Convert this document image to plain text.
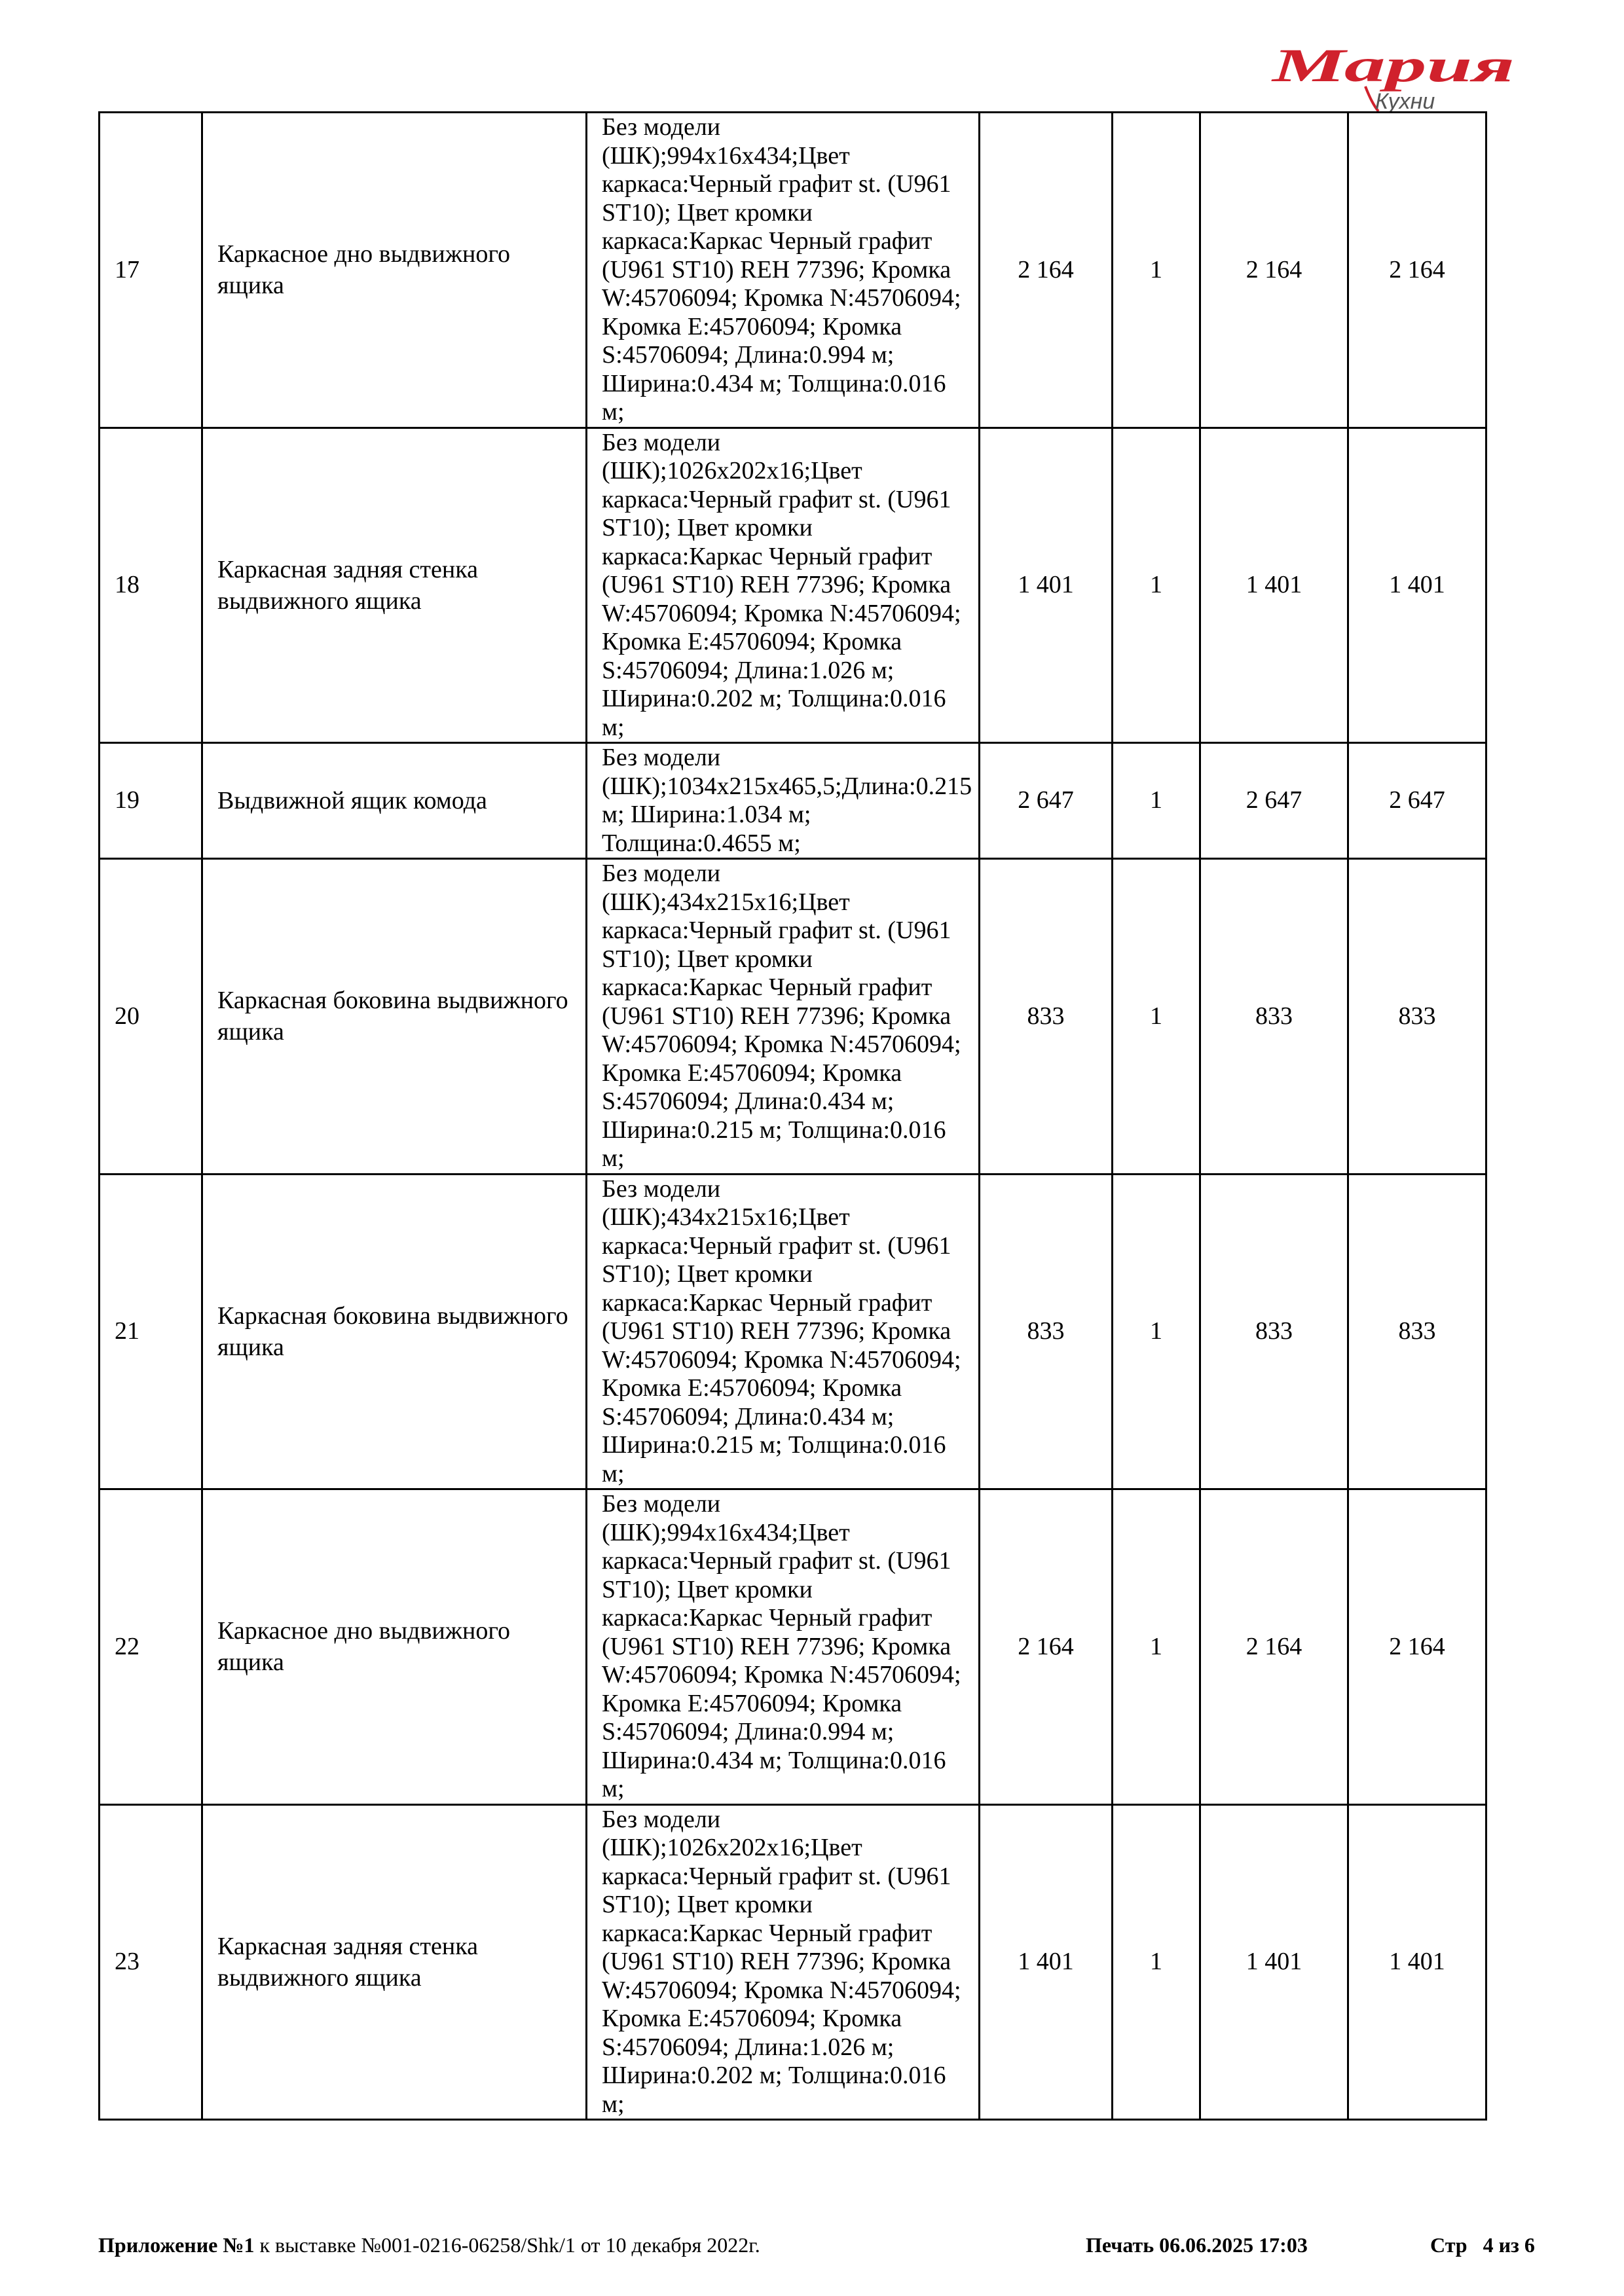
Мария
Кухни
17	Каркасное дно выдвижного ящика	Без модели (ШК);994x16x434;Цвет каркаса:Черный графит st. (U961 ST10); Цвет кромки каркаса:Каркас Черный графит (U961 ST10) REH 77396; Кромка W:45706094; Кромка N:45706094; Кромка E:45706094; Кромка S:45706094; Длина:0.994 м; Ширина:0.434 м; Толщина:0.016 м;	2 164	1	2 164	2 164
18	Каркасная задняя стенка выдвижного ящика	Без модели (ШК);1026x202x16;Цвет каркаса:Черный графит st. (U961 ST10); Цвет кромки каркаса:Каркас Черный графит (U961 ST10) REH 77396; Кромка W:45706094; Кромка N:45706094; Кромка E:45706094; Кромка S:45706094; Длина:1.026 м; Ширина:0.202 м; Толщина:0.016 м;	1 401	1	1 401	1 401
19	Выдвижной ящик комода	Без модели (ШК);1034x215x465,5;Длина:0.215 м; Ширина:1.034 м; Толщина:0.4655 м;	2 647	1	2 647	2 647
20	Каркасная боковина выдвижного ящика	Без модели (ШК);434x215x16;Цвет каркаса:Черный графит st. (U961 ST10); Цвет кромки каркаса:Каркас Черный графит (U961 ST10) REH 77396; Кромка W:45706094; Кромка N:45706094; Кромка E:45706094; Кромка S:45706094; Длина:0.434 м; Ширина:0.215 м; Толщина:0.016 м;	833	1	833	833
21	Каркасная боковина выдвижного ящика	Без модели (ШК);434x215x16;Цвет каркаса:Черный графит st. (U961 ST10); Цвет кромки каркаса:Каркас Черный графит (U961 ST10) REH 77396; Кромка W:45706094; Кромка N:45706094; Кромка E:45706094; Кромка S:45706094; Длина:0.434 м; Ширина:0.215 м; Толщина:0.016 м;	833	1	833	833
22	Каркасное дно выдвижного ящика	Без модели (ШК);994x16x434;Цвет каркаса:Черный графит st. (U961 ST10); Цвет кромки каркаса:Каркас Черный графит (U961 ST10) REH 77396; Кромка W:45706094; Кромка N:45706094; Кромка E:45706094; Кромка S:45706094; Длина:0.994 м; Ширина:0.434 м; Толщина:0.016 м;	2 164	1	2 164	2 164
23	Каркасная задняя стенка выдвижного ящика	Без модели (ШК);1026x202x16;Цвет каркаса:Черный графит st. (U961 ST10); Цвет кромки каркаса:Каркас Черный графит (U961 ST10) REH 77396; Кромка W:45706094; Кромка N:45706094; Кромка E:45706094; Кромка S:45706094; Длина:1.026 м; Ширина:0.202 м; Толщина:0.016 м;	1 401	1	1 401	1 401
Приложение №1 к выставке №001-0216-06258/Shk/1 от 10 декабря 2022г.	Печать 06.06.2025 17:03	Стр 4 из 6
